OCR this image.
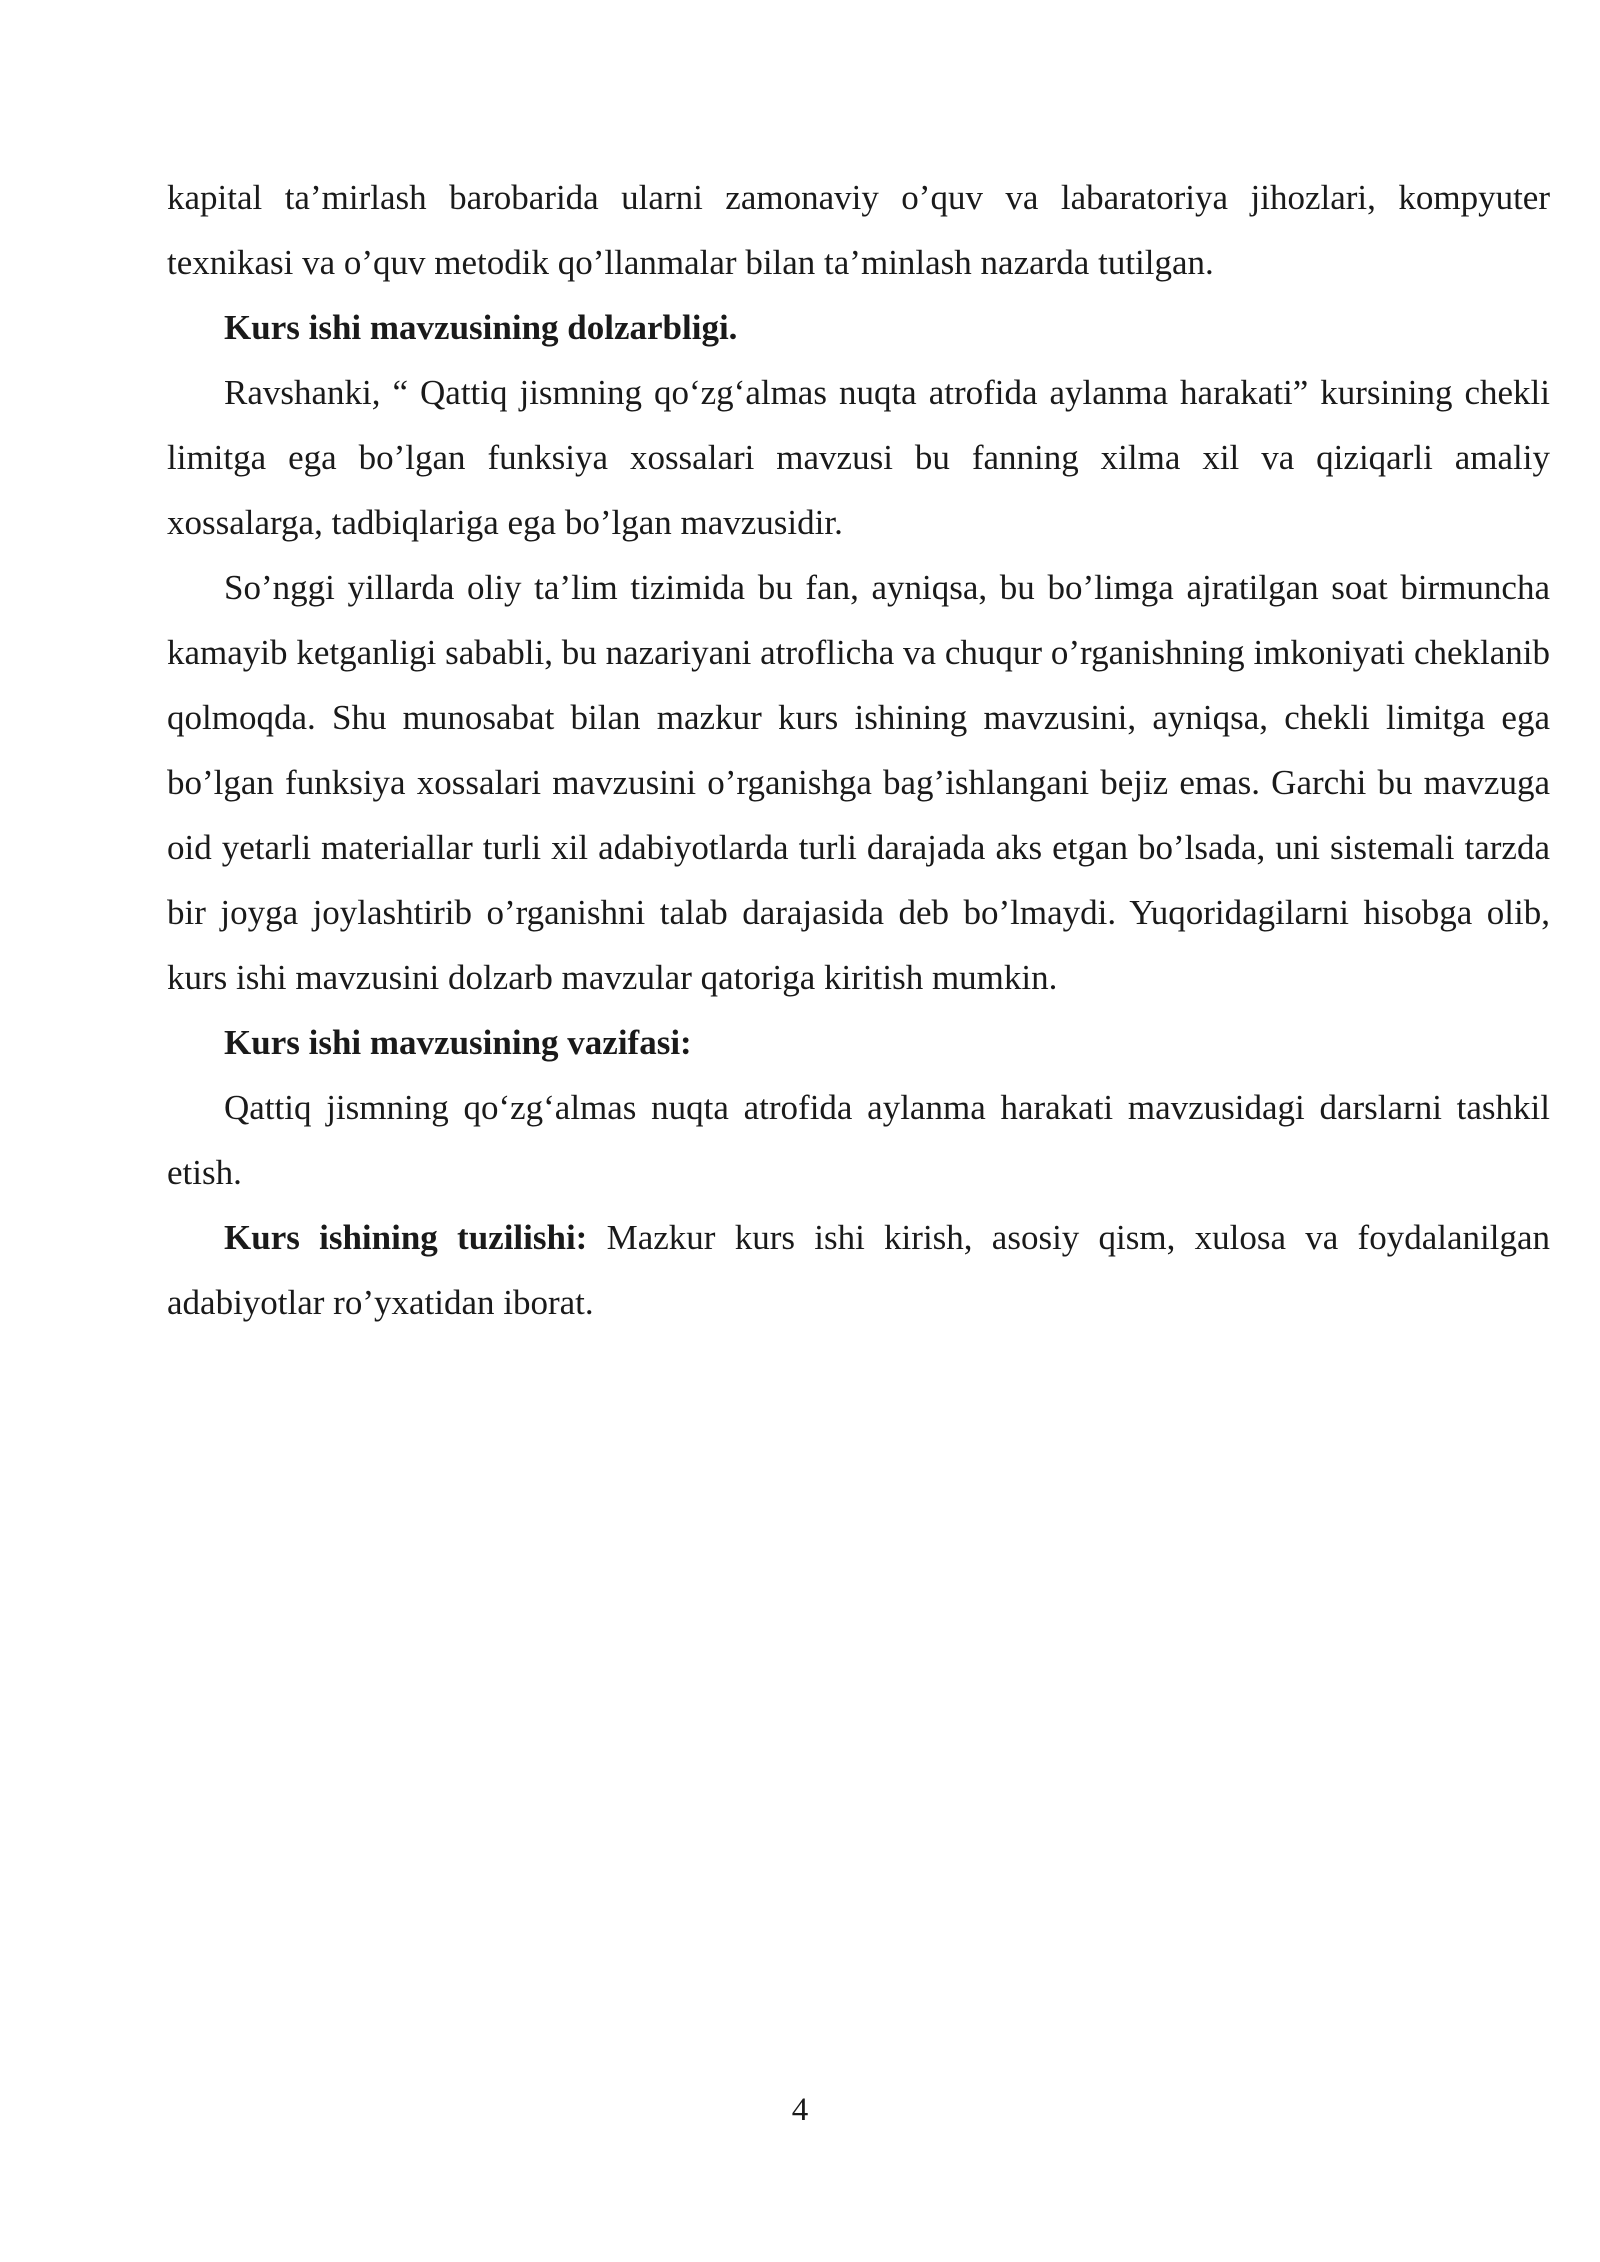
kapital ta’mirlash barobarida ularni zamonaviy o’quv va labaratoriya jihozlari, kompyuter texnikasi va o’quv metodik qo’llanmalar bilan ta’minlash nazarda tutilgan.

Kurs ishi mavzusining dolzarbligi.

Ravshanki, “ Qattiq jismning qo‘zg‘almas nuqta atrofida aylanma harakati” kursining chekli limitga ega bo’lgan funksiya xossalari mavzusi bu fanning xilma xil va qiziqarli amaliy xossalarga, tadbiqlariga ega bo’lgan mavzusidir.

So’nggi yillarda oliy ta’lim tizimida bu fan, ayniqsa, bu bo’limga ajratilgan soat birmuncha kamayib ketganligi sababli, bu nazariyani atroflicha va chuqur o’rganishning imkoniyati cheklanib qolmoqda. Shu munosabat bilan mazkur kurs ishining mavzusini, ayniqsa, chekli limitga ega bo’lgan funksiya xossalari mavzusini o’rganishga bag’ishlangani bejiz emas. Garchi bu mavzuga oid yetarli materiallar turli xil adabiyotlarda turli darajada aks etgan bo’lsada, uni sistemali tarzda bir joyga joylashtirib o’rganishni talab darajasida deb bo’lmaydi. Yuqoridagilarni hisobga olib, kurs ishi mavzusini dolzarb mavzular qatoriga kiritish mumkin.

Kurs ishi mavzusining vazifasi:

Qattiq jismning qo‘zg‘almas nuqta atrofida aylanma harakati mavzusidagi darslarni tashkil etish.

Kurs ishining tuzilishi: Mazkur kurs ishi kirish, asosiy qism, xulosa va foydalanilgan adabiyotlar ro’yxatidan iborat.

4
